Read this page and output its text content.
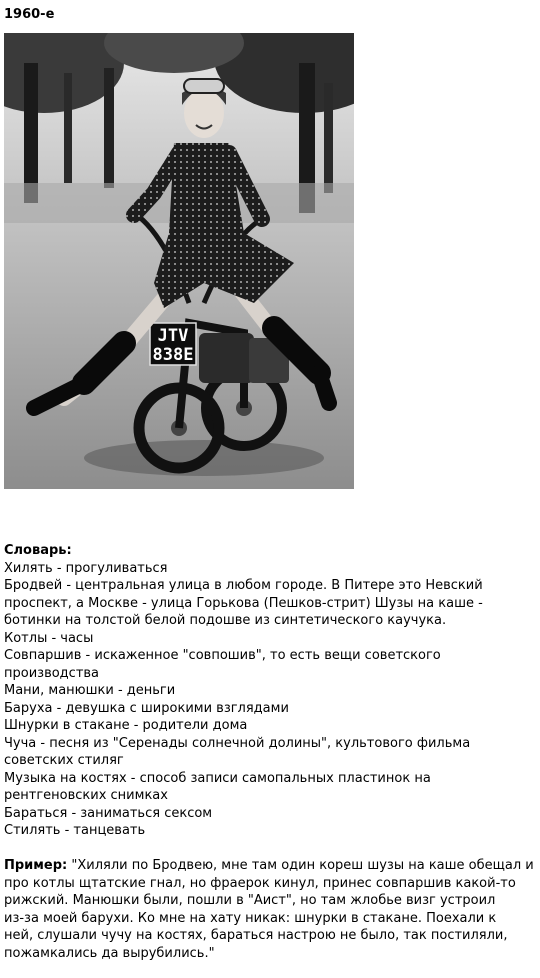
1960-е
JTV
838E

Словарь:

Хилять - прогуливаться

Бродвей - центральная улица в любом городе. В Питере это Невский

проспект, а Москве - улица Горькова (Пешков-стрит) Шузы на каше -

ботинки на толстой белой подошве из синтетического каучука.

Котлы - часы

Совпаршив - искаженное "совпошив", то есть вещи советского

производства

Мани, манюшки - деньги

Баруха - девушка с широкими взглядами

Шнурки в стакане - родители дома

Чуча - песня из "Серенады солнечной долины", культового фильма

советских стиляг

Музыка на костях - способ записи самопальных пластинок на

рентгеновских снимках

Бараться - заниматься сексом

Стилять - танцевать

Пример: "Хиляли по Бродвею, мне там один кореш шузы на каше обещал и

про котлы щтатские гнал, но фраерок кинул, принес совпаршив какой-то

рижский. Манюшки были, пошли в "Аист", но там жлобье визг устроил

из-за моей барухи. Ко мне на хату никак: шнурки в стакане. Поехали к

ней, слушали чучу на костях, бараться настрою не было, так постиляли,

пожамкались да вырубились."
